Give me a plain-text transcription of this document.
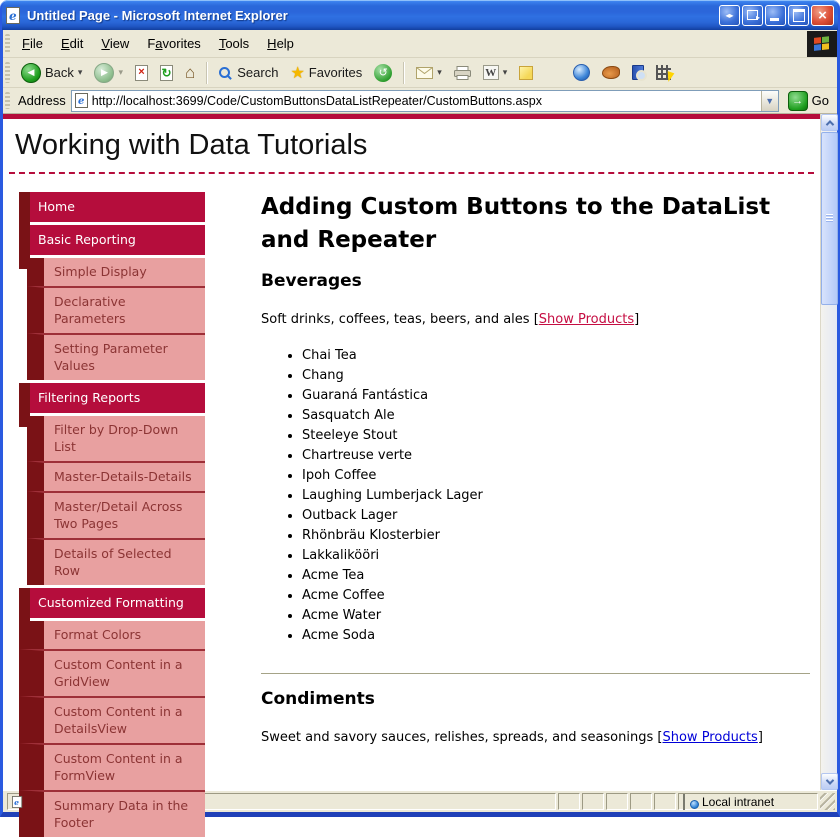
e Untitled Page - Microsoft Internet Explorer	◂▸ ▸	×
File	Edit	View	Favorites	Tools	Help
◀ Back ▾	▶	▾ × ↻ ⌂	Search ★ Favorites	↺	▾	W ▾
Address e http://localhost:3699/Code/CustomButtonsDataListRepeater/CustomButtons.aspx	▼	→ Go
Working with Data Tutorials
Home
Basic Reporting
Simple Display
Declarative Parameters
Setting Parameter Values
Filtering Reports
Filter by Drop-Down List
Master-Details-Details
Master/Detail Across Two Pages
Details of Selected Row
Customized Formatting
Format Colors
Custom Content in a GridView
Custom Content in a DetailsView
Custom Content in a FormView
Summary Data in the Footer
Adding Custom Buttons to the DataList and Repeater
Beverages

Soft drinks, coffees, teas, beers, and ales [Show Products]

• Chai Tea
• Chang
• Guaraná Fantástica
• Sasquatch Ale
• Steeleye Stout
• Chartreuse verte
• Ipoh Coffee
• Laughing Lumberjack Lager
• Outback Lager
• Rhönbräu Klosterbier
• Lakkalikööri
• Acme Tea
• Acme Coffee
• Acme Water
• Acme Soda
Condiments

Sweet and savory sauces, relishes, spreads, and seasonings [Show Products]

e	Local intranet
